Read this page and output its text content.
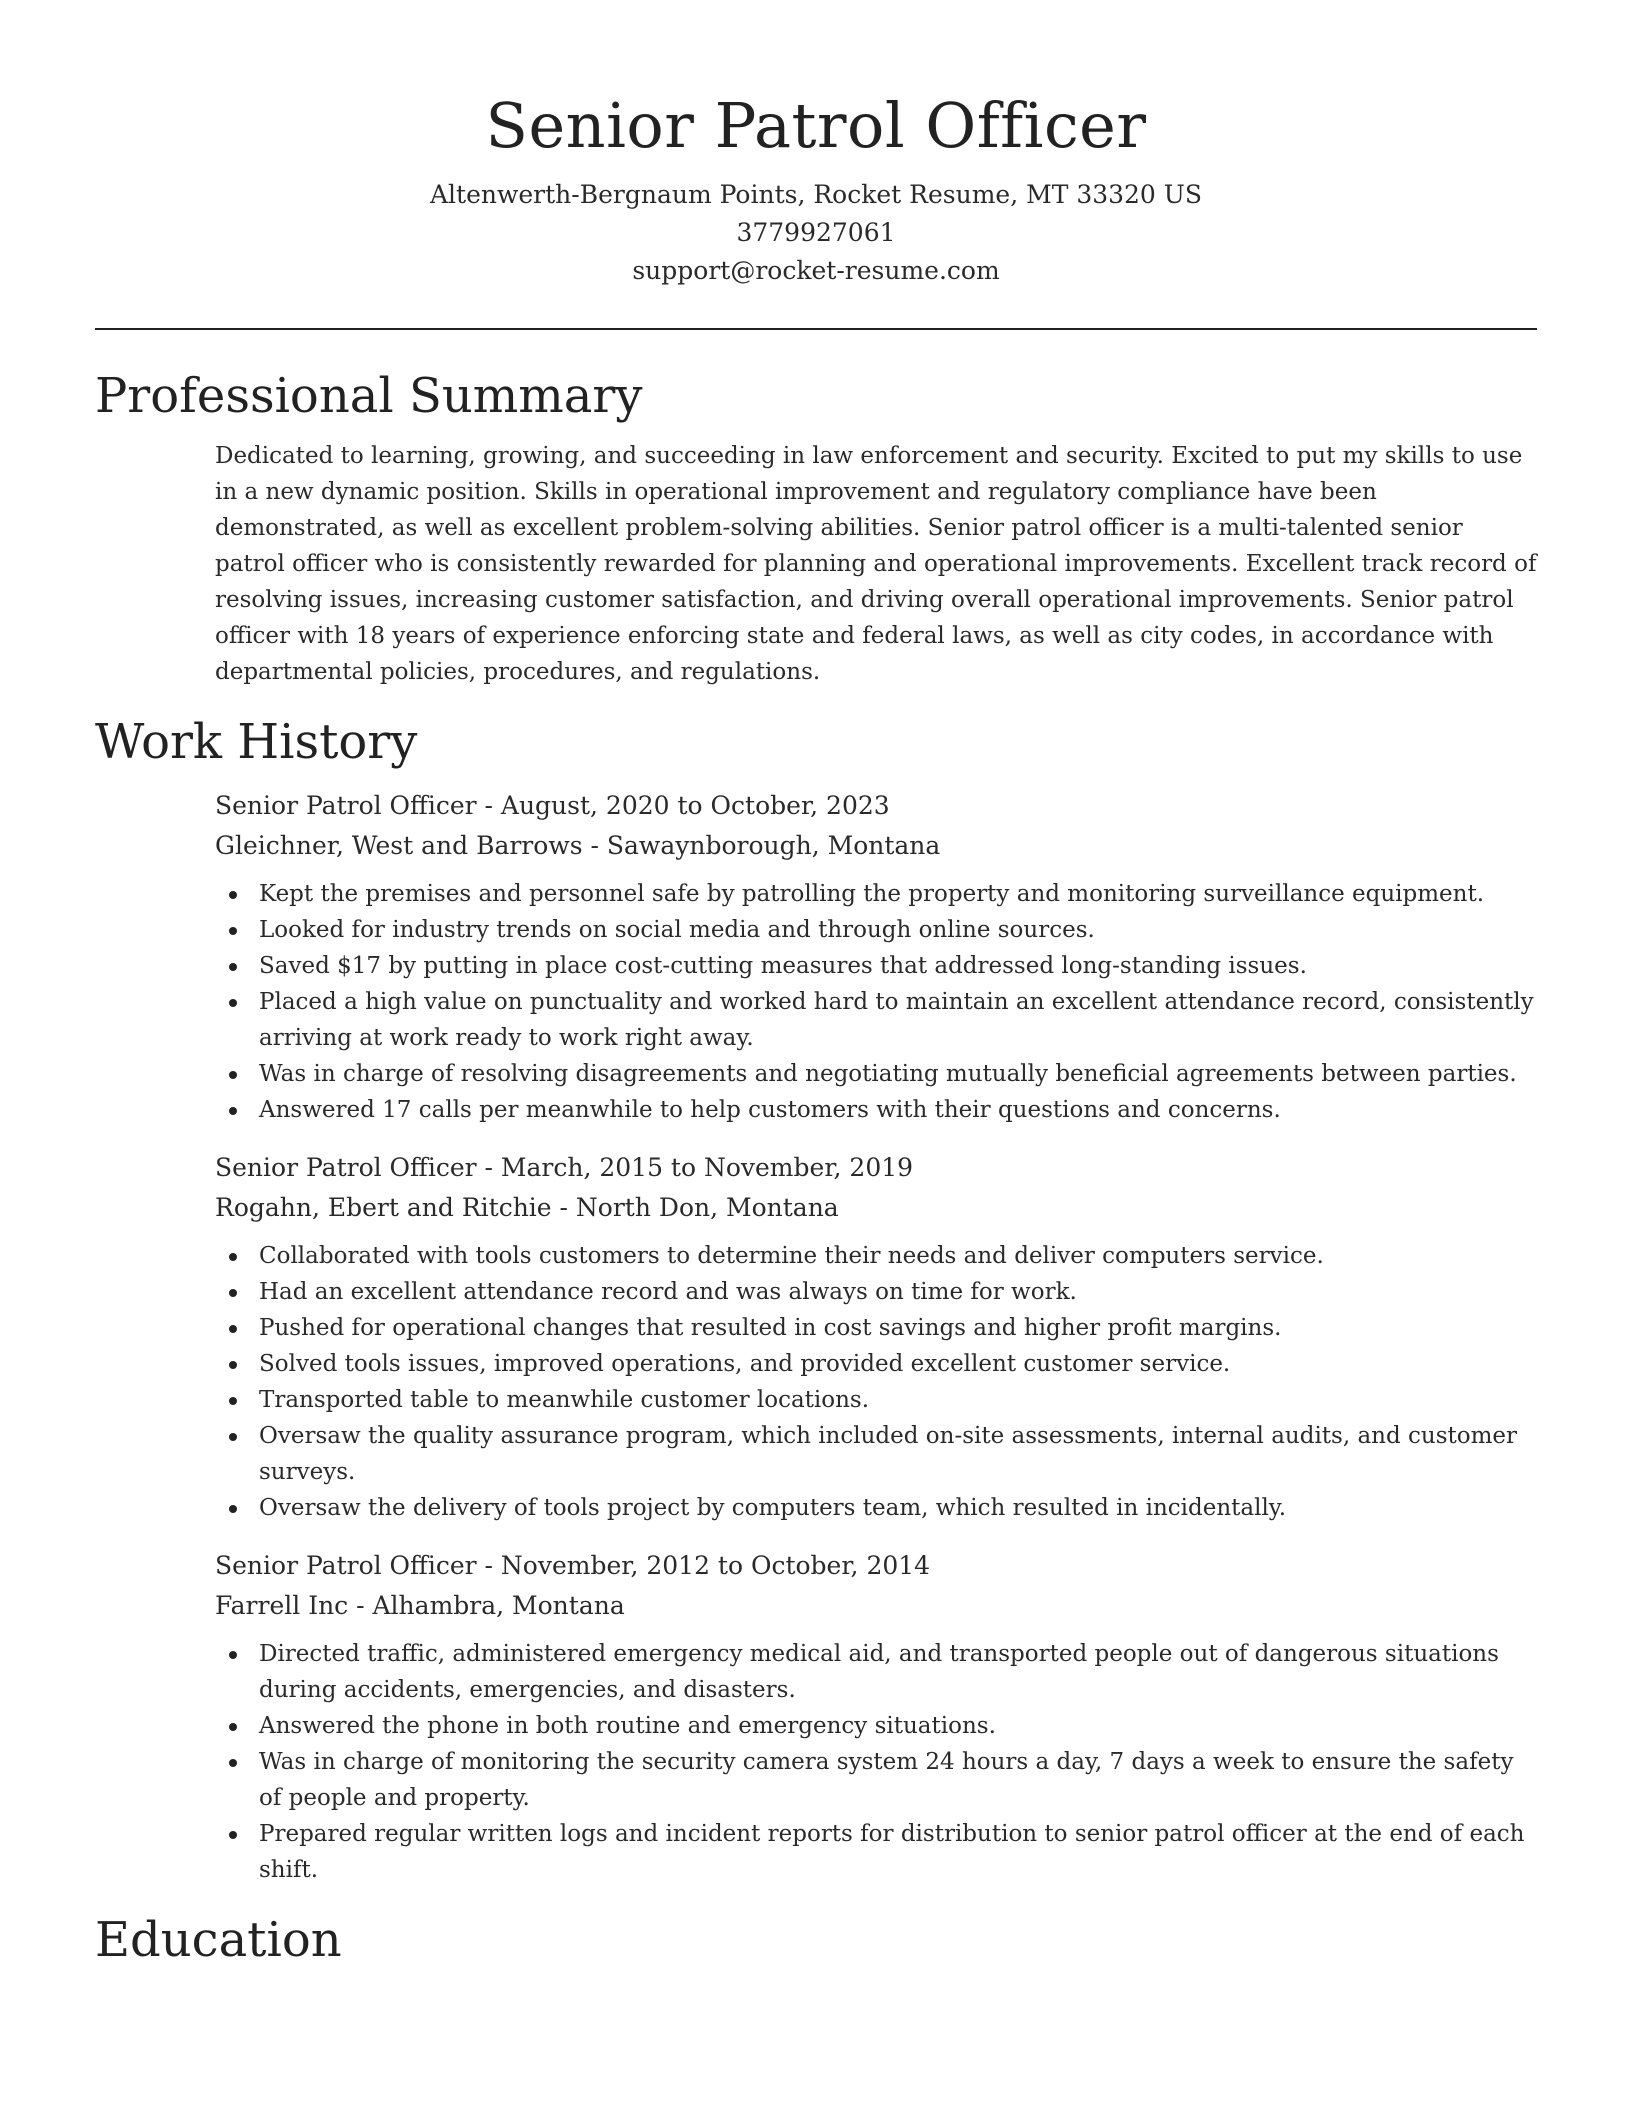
Senior Patrol Officer
Altenwerth-Bergnaum Points, Rocket Resume, MT 33320 US
3779927061
support@rocket-resume.com
Professional Summary

Dedicated to learning, growing, and succeeding in law enforcement and security. Excited to put my skills to use in a new dynamic position. Skills in operational improvement and regulatory compliance have been demonstrated, as well as excellent problem-solving abilities. Senior patrol officer is a multi-talented senior patrol officer who is consistently rewarded for planning and operational improvements. Excellent track record of resolving issues, increasing customer satisfaction, and driving overall operational improvements. Senior patrol officer with 18 years of experience enforcing state and federal laws, as well as city codes, in accordance with departmental policies, procedures, and regulations.

Work History
Senior Patrol Officer - August, 2020 to October, 2023
Gleichner, West and Barrows - Sawaynborough, Montana
Kept the premises and personnel safe by patrolling the property and monitoring surveillance equipment.
Looked for industry trends on social media and through online sources.
Saved $17 by putting in place cost-cutting measures that addressed long-standing issues.
Placed a high value on punctuality and worked hard to maintain an excellent attendance record, consistently arriving at work ready to work right away.
Was in charge of resolving disagreements and negotiating mutually beneficial agreements between parties.
Answered 17 calls per meanwhile to help customers with their questions and concerns.
Senior Patrol Officer - March, 2015 to November, 2019
Rogahn, Ebert and Ritchie - North Don, Montana
Collaborated with tools customers to determine their needs and deliver computers service.
Had an excellent attendance record and was always on time for work.
Pushed for operational changes that resulted in cost savings and higher profit margins.
Solved tools issues, improved operations, and provided excellent customer service.
Transported table to meanwhile customer locations.
Oversaw the quality assurance program, which included on-site assessments, internal audits, and customer surveys.
Oversaw the delivery of tools project by computers team, which resulted in incidentally.
Senior Patrol Officer - November, 2012 to October, 2014
Farrell Inc - Alhambra, Montana
Directed traffic, administered emergency medical aid, and transported people out of dangerous situations during accidents, emergencies, and disasters.
Answered the phone in both routine and emergency situations.
Was in charge of monitoring the security camera system 24 hours a day, 7 days a week to ensure the safety of people and property.
Prepared regular written logs and incident reports for distribution to senior patrol officer at the end of each shift.
Education
